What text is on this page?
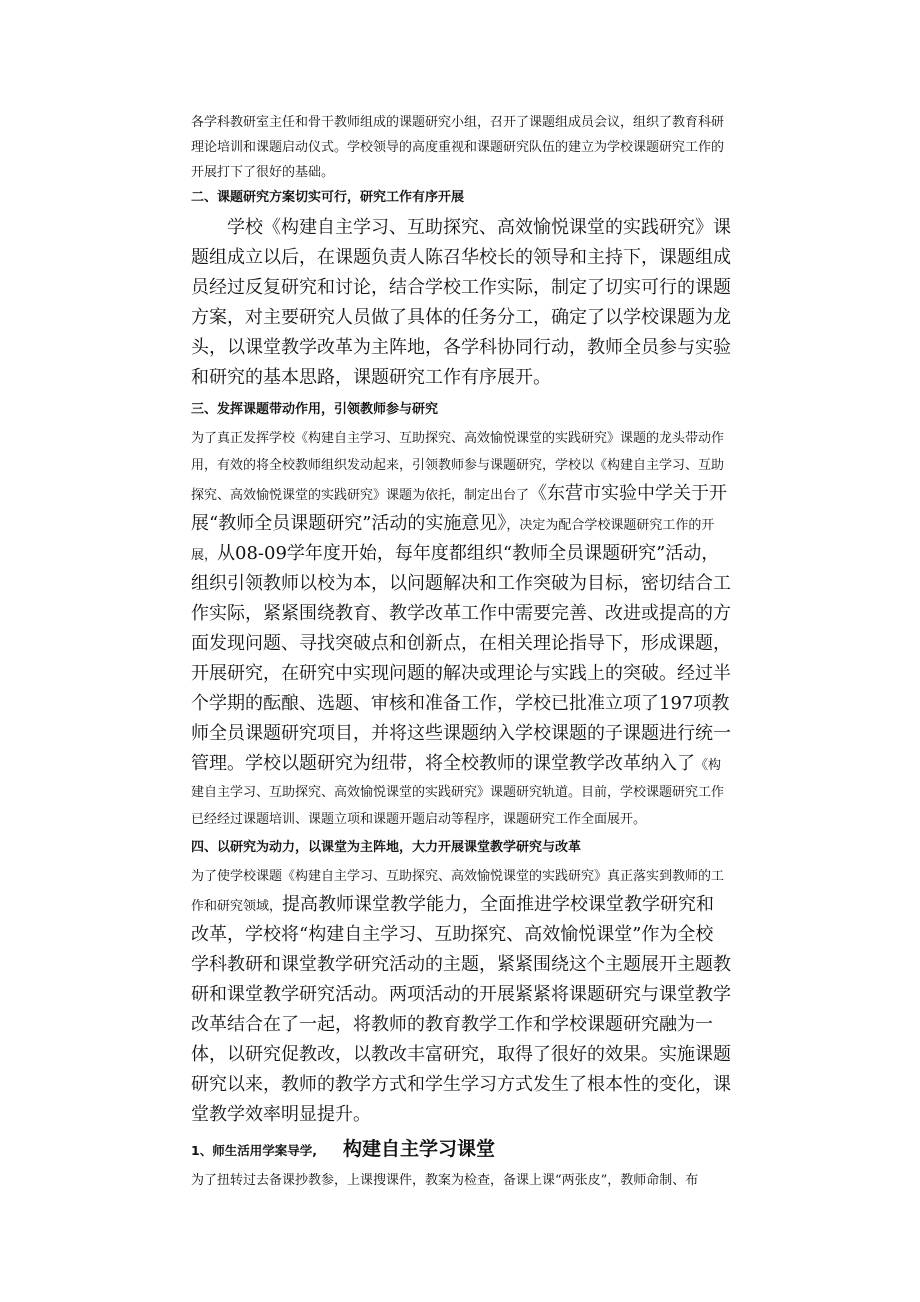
各学科教研室主任和骨干教师组成的课题研究小组，召开了课题组成员会议，组织了教育科研理论培训和课题启动仪式。学校领导的高度重视和课题研究队伍的建立为学校课题研究工作的开展打下了很好的基础。

二、课题研究方案切实可行，研究工作有序开展

学校《构建自主学习、互助探究、高效愉悦课堂的实践研究》课题组成立以后，在课题负责人陈召华校长的领导和主持下，课题组成员经过反复研究和讨论，结合学校工作实际，制定了切实可行的课题方案，对主要研究人员做了具体的任务分工，确定了以学校课题为龙头，以课堂教学改革为主阵地，各学科协同行动，教师全员参与实验和研究的基本思路，课题研究工作有序展开。

三、发挥课题带动作用，引领教师参与研究

为了真正发挥学校《构建自主学习、互助探究、高效愉悦课堂的实践研究》课题的龙头带动作用，有效的将全校教师组织发动起来，引领教师参与课题研究，学校以《构建自主学习、互助探究、高效愉悦课堂的实践研究》课题为依托，制定出台了《东营市实验中学关于开展“教师全员课题研究”活动的实施意见》，决定为配合学校课题研究工作的开展，从08-09学年度开始，每年度都组织“教师全员课题研究”活动，组织引领教师以校为本，以问题解决和工作突破为目标，密切结合工作实际，紧紧围绕教育、教学改革工作中需要完善、改进或提高的方面发现问题、寻找突破点和创新点，在相关理论指导下，形成课题，开展研究，在研究中实现问题的解决或理论与实践上的突破。经过半个学期的酝酿、选题、审核和准备工作，学校已批准立项了197项教师全员课题研究项目，并将这些课题纳入学校课题的子课题进行统一管理。学校以题研究为纽带，将全校教师的课堂教学改革纳入了《构建自主学习、互助探究、高效愉悦课堂的实践研究》课题研究轨道。目前，学校课题研究工作已经经过课题培训、课题立项和课题开题启动等程序，课题研究工作全面展开。

四、以研究为动力，以课堂为主阵地，大力开展课堂教学研究与改革

为了使学校课题《构建自主学习、互助探究、高效愉悦课堂的实践研究》真正落实到教师的工作和研究领域，提高教师课堂教学能力，全面推进学校课堂教学研究和改革，学校将“构建自主学习、互助探究、高效愉悦课堂”作为全校学科教研和课堂教学研究活动的主题，紧紧围绕这个主题展开主题教研和课堂教学研究活动。两项活动的开展紧紧将课题研究与课堂教学改革结合在了一起，将教师的教育教学工作和学校课题研究融为一体，以研究促教改，以教改丰富研究，取得了很好的效果。实施课题研究以来，教师的教学方式和学生学习方式发生了根本性的变化，课堂教学效率明显提升。

1、师生活用学案导学, 构建自主学习课堂

为了扭转过去备课抄教参，上课搜课件，教案为检查，备课上课“两张皮”，教师命制、布
